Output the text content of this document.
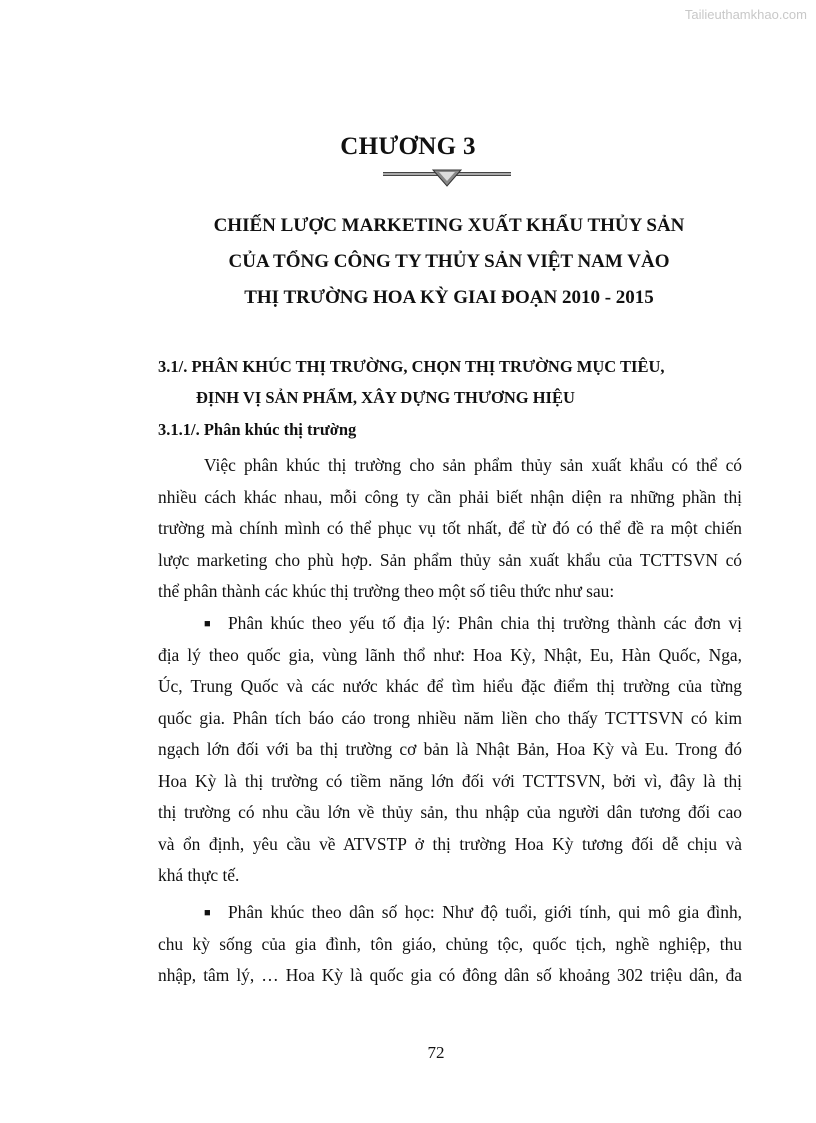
Tailieuthamkhao.com
CHƯƠNG 3
CHIẾN LƯỢC MARKETING XUẤT KHẨU THỦY SẢN
CỦA TỔNG CÔNG TY THỦY SẢN VIỆT NAM VÀO
THỊ TRƯỜNG HOA KỲ GIAI ĐOẠN 2010 - 2015
3.1/. PHÂN KHÚC THỊ TRƯỜNG, CHỌN THỊ TRƯỜNG MỤC TIÊU,
ĐỊNH VỊ SẢN PHẨM, XÂY DỰNG THƯƠNG HIỆU
3.1.1/. Phân khúc thị trường
Việc phân khúc thị trường cho sản phẩm thủy sản xuất khẩu có thể có
nhiều cách khác nhau, mỗi công ty cần phải biết nhận diện ra những phần thị
trường mà chính mình có thể phục vụ tốt nhất, để từ đó có thể đề ra một chiến
lược marketing cho phù hợp. Sản phẩm thủy sản xuất khẩu của TCTTSVN có
thể phân thành các khúc thị trường theo một số tiêu thức như sau:
■ Phân khúc theo yếu tố địa lý: Phân chia thị trường thành các đơn vị
địa lý theo quốc gia, vùng lãnh thổ như: Hoa Kỳ, Nhật, Eu, Hàn Quốc, Nga,
Úc, Trung Quốc và các nước khác để tìm hiểu đặc điểm thị trường của từng
quốc gia. Phân tích báo cáo trong nhiều năm liền cho thấy TCTTSVN có kim
ngạch lớn đối với ba thị trường cơ bản là Nhật Bản, Hoa Kỳ và Eu. Trong đó
Hoa Kỳ là thị trường có tiềm năng lớn đối với TCTTSVN, bởi vì, đây là thị
thị trường có nhu cầu lớn về thủy sản, thu nhập của người dân tương đối cao
và ổn định, yêu cầu về ATVSTP ở thị trường Hoa Kỳ tương đối dễ chịu và
khá thực tế.
■ Phân khúc theo dân số học: Như độ tuổi, giới tính, qui mô gia đình,
chu kỳ sống của gia đình, tôn giáo, chủng tộc, quốc tịch, nghề nghiệp, thu
nhập, tâm lý, … Hoa Kỳ là quốc gia có đông dân số khoảng 302 triệu dân, đa
72
